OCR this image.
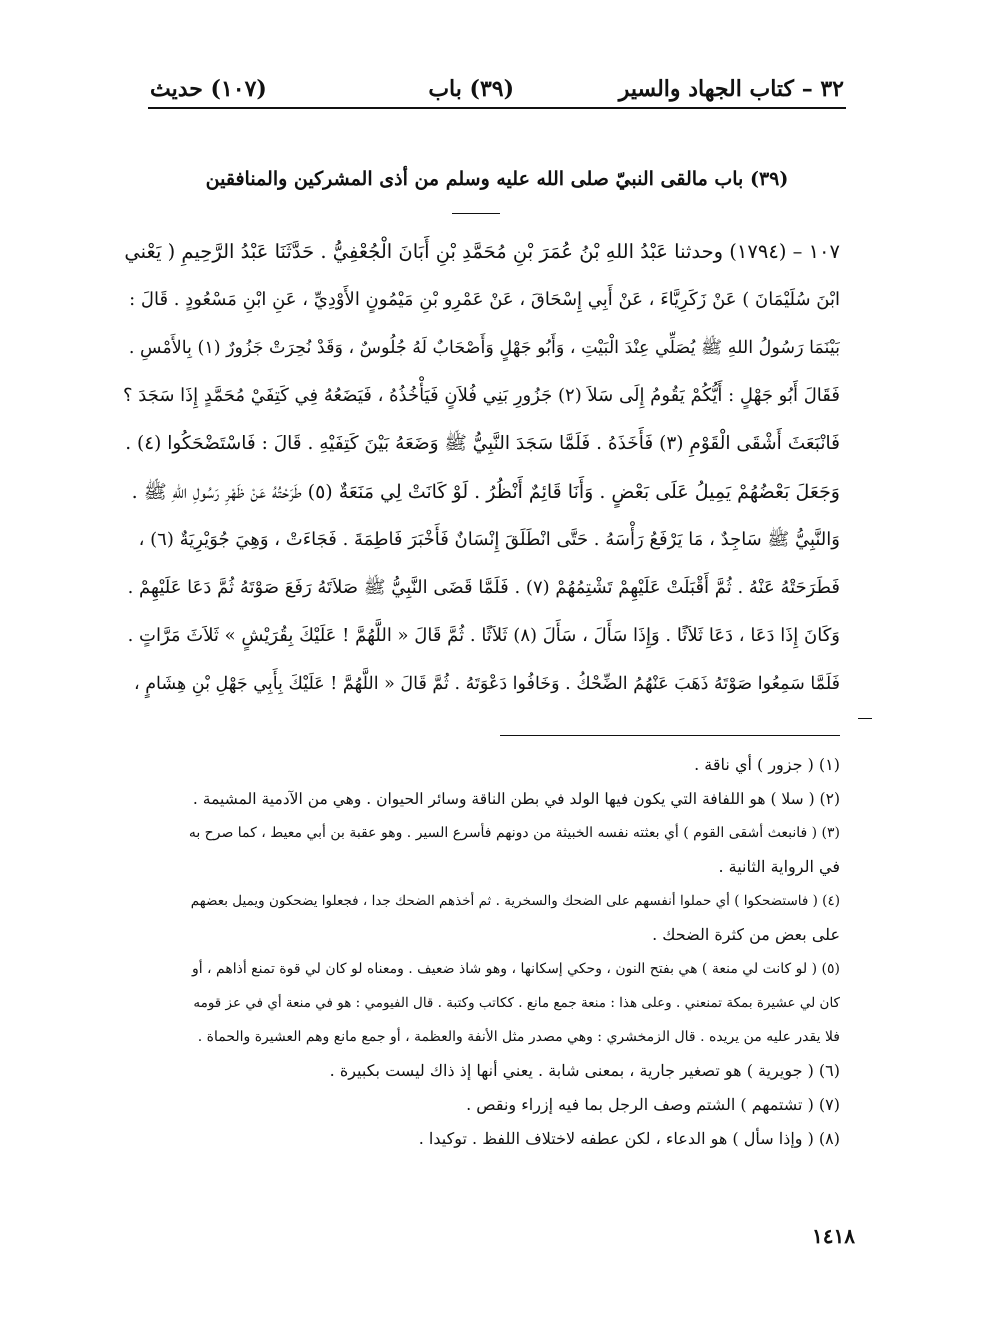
٣٢ – كتاب الجهاد والسير
(٣٩) باب
(١٠٧) حديث
(٣٩) باب مالقى النبيّ صلى الله عليه وسلم من أذى المشركين والمنافقين
١٠٧ – (١٧٩٤) وحدثنا عَبْدُ اللهِ بْنُ عُمَرَ بْنِ مُحَمَّدِ بْنِ أَبَانَ الْجُعْفِيُّ . حَدَّثَنَا عَبْدُ الرَّحِيمِ ( يَعْني
ابْنَ سُلَيْمَانَ ) عَنْ زَكَرِيَّاءَ ، عَنْ أَبِي إِسْحَاقَ ، عَنْ عَمْرِو بْنِ مَيْمُونٍ الأَوْدِيِّ ، عَنِ ابْنِ مَسْعُودٍ . قَالَ :
بَيْنَمَا رَسُولُ اللهِ ﷺ يُصَلِّي عِنْدَ الْبَيْتِ ، وَأَبُو جَهْلٍ وَأَصْحَابٌ لَهُ جُلُوسٌ ، وَقَدْ نُحِرَتْ جَزُورٌ (١) بِالأَمْسِ .
فَقَالَ أَبُو جَهْلٍ : أَيُّكُمْ يَقُومُ إِلَى سَلاَ (٢) جَزُورِ بَنِي فُلاَنٍ فَيَأْخُذُهُ ، فَيَضَعُهُ فِي كَتِفَيْ مُحَمَّدٍ إِذَا سَجَدَ ؟
فَانْبَعَثَ أَشْقَى الْقَوْمِ (٣) فَأَخَذَهُ . فَلَمَّا سَجَدَ النَّبِيُّ ﷺ وَضَعَهُ بَيْنَ كَتِفَيْهِ . قَالَ : فَاسْتَضْحَكُوا (٤) .
وَجَعَلَ بَعْضُهُمْ يَمِيلُ عَلَى بَعْضٍ . وَأَنَا قَائِمٌ أَنْظُرُ . لَوْ كَانَتْ لِي مَنَعَةٌ (٥) طَرَحْتُهُ عَنْ ظَهْرِ رَسُولِ اللهِ ﷺ .
وَالنَّبِيُّ ﷺ سَاجِدٌ ، مَا يَرْفَعُ رَأْسَهُ . حَتَّى انْطَلَقَ إِنْسَانٌ فَأَخْبَرَ فَاطِمَةَ . فَجَاءَتْ ، وَهِيَ جُوَيْرِيَةٌ (٦) ،
فَطَرَحَتْهُ عَنْهُ . ثُمَّ أَقْبَلَتْ عَلَيْهِمْ تَشْتِمُهُمْ (٧) . فَلَمَّا قَضَى النَّبِيُّ ﷺ صَلاَتَهُ رَفَعَ صَوْتَهُ ثُمَّ دَعَا عَلَيْهِمْ .
وَكَانَ إِذَا دَعَا ، دَعَا ثَلاَثًا . وَإِذَا سَأَلَ ، سَأَلَ (٨) ثَلاَثًا . ثُمَّ قَالَ « اللَّهُمَّ ! عَلَيْكَ بِقُرَيْشٍ » ثَلاَثَ مَرَّاتٍ .
فَلَمَّا سَمِعُوا صَوْتَهُ ذَهَبَ عَنْهُمُ الضِّحْكُ . وَخَافُوا دَعْوَتَهُ . ثُمَّ قَالَ « اللَّهُمَّ ! عَلَيْكَ بِأَبِي جَهْلِ بْنِ هِشَامٍ ،
(١) ( جزور ) أي ناقة .
(٢) ( سلا ) هو اللفافة التي يكون فيها الولد في بطن الناقة وسائر الحيوان . وهي من الآدمية المشيمة .
(٣) ( فانبعث أشقى القوم ) أي بعثته نفسه الخبيثة من دونهم فأسرع السير . وهو عقبة بن أبي معيط ، كما صرح به
في الرواية الثانية .
(٤) ( فاستضحكوا ) أي حملوا أنفسهم على الضحك والسخرية . ثم أخذهم الضحك جدا ، فجعلوا يضحكون ويميل بعضهم
على بعض من كثرة الضحك .
(٥) ( لو كانت لي منعة ) هي بفتح النون ، وحكي إسكانها ، وهو شاذ ضعيف . ومعناه لو كان لي قوة تمنع أذاهم ، أو
كان لي عشيرة بمكة تمنعني . وعلى هذا : منعة جمع مانع . ككاتب وكتبة . قال الفيومي : هو في منعة أي في عز قومه
فلا يقدر عليه من يريده . قال الزمخشري : وهي مصدر مثل الأنفة والعظمة ، أو جمع مانع وهم العشيرة والحماة .
(٦) ( جويرية ) هو تصغير جارية ، بمعنى شابة . يعني أنها إذ ذاك ليست بكبيرة .
(٧) ( تشتمهم ) الشتم وصف الرجل بما فيه إزراء ونقص .
(٨) ( وإذا سأل ) هو الدعاء ، لكن عطفه لاختلاف اللفظ . توكيدا .
١٤١٨
